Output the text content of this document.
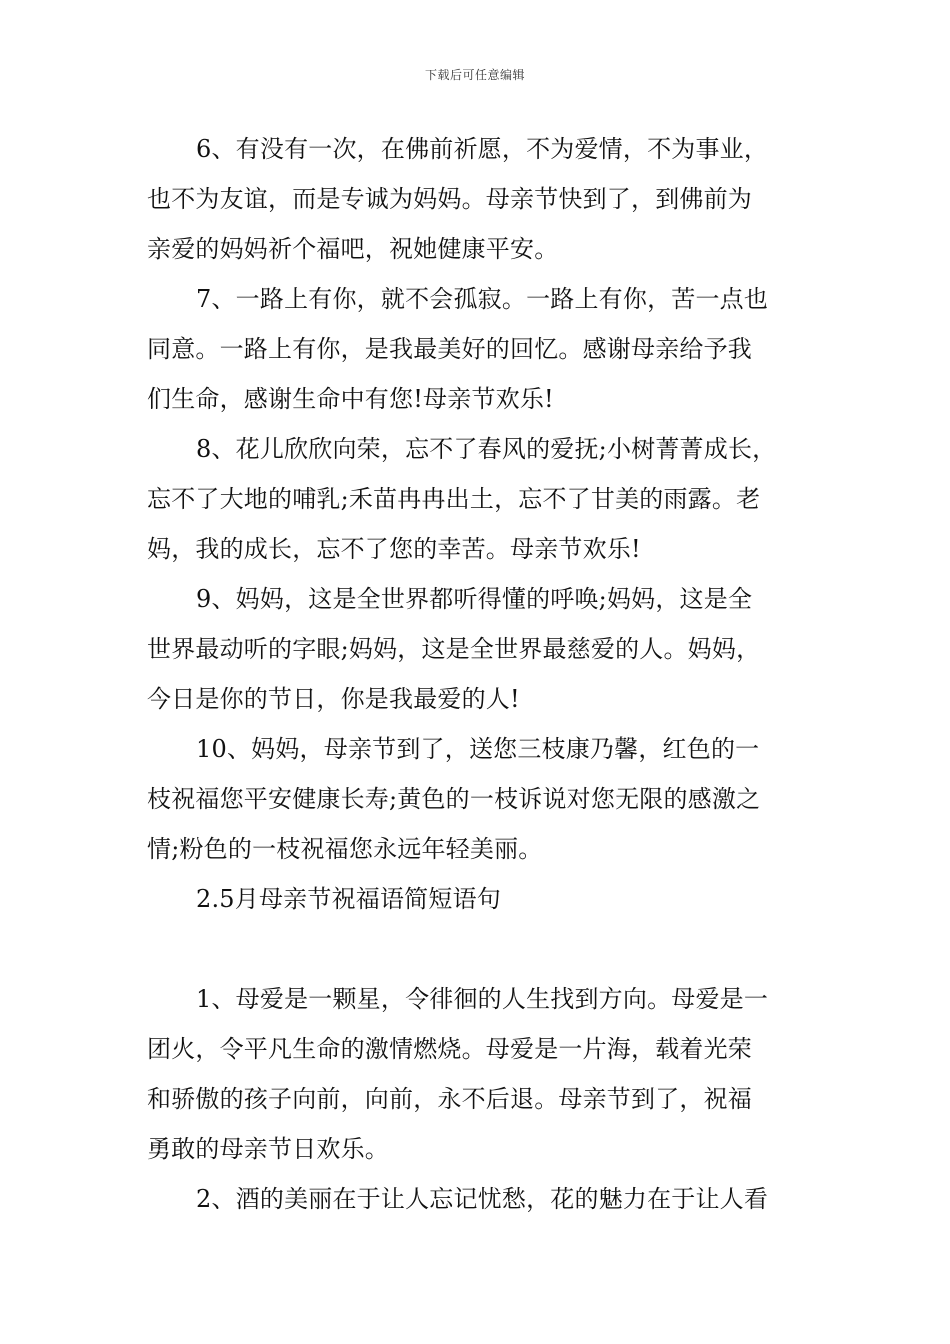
下载后可任意编辑
6、有没有一次，在佛前祈愿，不为爱情，不为事业，
也不为友谊，而是专诚为妈妈。母亲节快到了，到佛前为
亲爱的妈妈祈个福吧，祝她健康平安。
7、一路上有你，就不会孤寂。一路上有你，苦一点也
同意。一路上有你，是我最美好的回忆。感谢母亲给予我
们生命，感谢生命中有您!母亲节欢乐!
8、花儿欣欣向荣，忘不了春风的爱抚;小树菁菁成长，
忘不了大地的哺乳;禾苗冉冉出土，忘不了甘美的雨露。老
妈，我的成长，忘不了您的幸苦。母亲节欢乐!
9、妈妈，这是全世界都听得懂的呼唤;妈妈，这是全
世界最动听的字眼;妈妈，这是全世界最慈爱的人。妈妈，
今日是你的节日，你是我最爱的人!
10、妈妈，母亲节到了，送您三枝康乃馨，红色的一
枝祝福您平安健康长寿;黄色的一枝诉说对您无限的感激之
情;粉色的一枝祝福您永远年轻美丽。
2.5月母亲节祝福语简短语句
1、母爱是一颗星，令徘徊的人生找到方向。母爱是一
团火，令平凡生命的激情燃烧。母爱是一片海，载着光荣
和骄傲的孩子向前，向前，永不后退。母亲节到了，祝福
勇敢的母亲节日欢乐。
2、酒的美丽在于让人忘记忧愁，花的魅力在于让人看
